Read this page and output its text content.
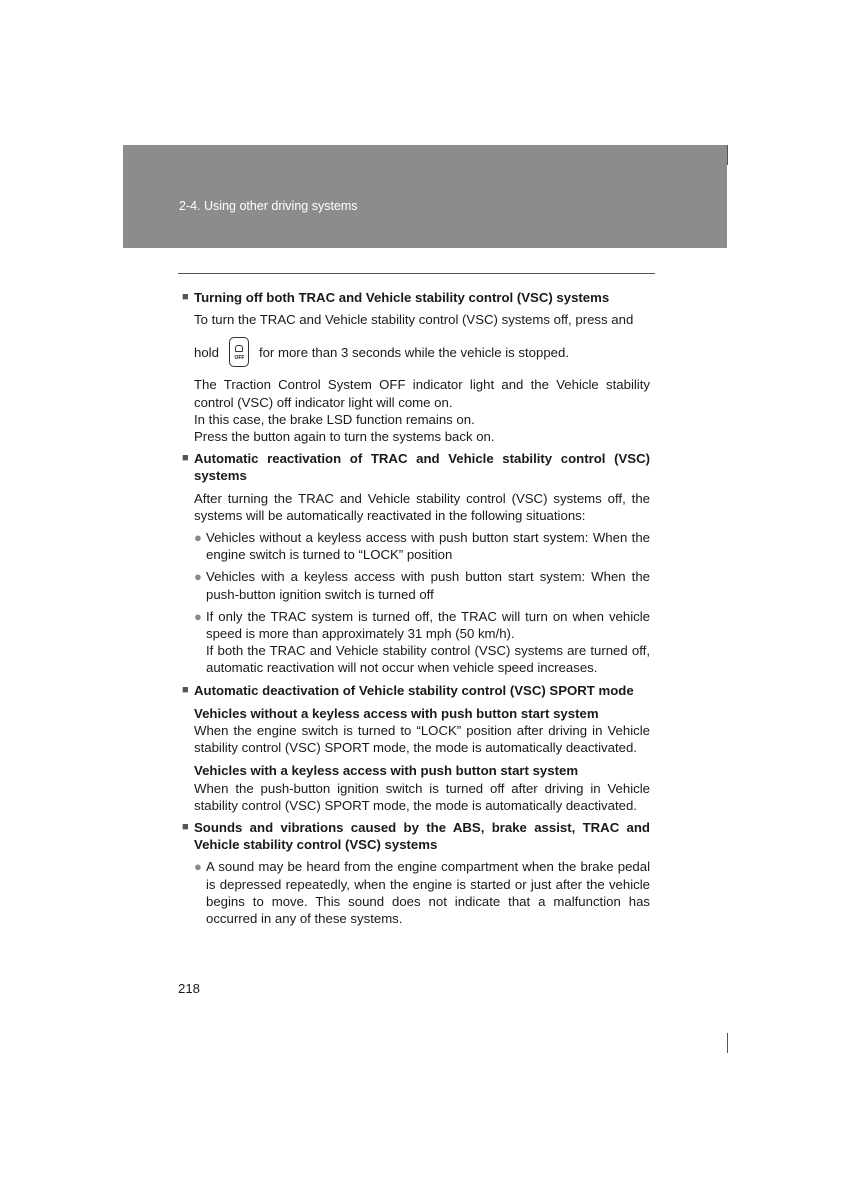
2-4. Using other driving systems
■ Turning off both TRAC and Vehicle stability control (VSC) systems
To turn the TRAC and Vehicle stability control (VSC) systems off, press and
hold	OFF for more than 3 seconds while the vehicle is stopped.
The Traction Control System OFF indicator light and the Vehicle stability control (VSC) off indicator light will come on.
In this case, the brake LSD function remains on.
Press the button again to turn the systems back on.
■ Automatic reactivation of TRAC and Vehicle stability control (VSC) systems
After turning the TRAC and Vehicle stability control (VSC) systems off, the systems will be automatically reactivated in the following situations:
● Vehicles without a keyless access with push button start system: When the engine switch is turned to “LOCK” position
● Vehicles with a keyless access with push button start system: When the push-button ignition switch is turned off
● If only the TRAC system is turned off, the TRAC will turn on when vehicle speed is more than approximately 31 mph (50 km/h).
If both the TRAC and Vehicle stability control (VSC) systems are turned off, automatic reactivation will not occur when vehicle speed increases.
■ Automatic deactivation of Vehicle stability control (VSC) SPORT mode
Vehicles without a keyless access with push button start system
When the engine switch is turned to “LOCK” position after driving in Vehicle stability control (VSC) SPORT mode, the mode is automatically deactivated.
Vehicles with a keyless access with push button start system
When the push-button ignition switch is turned off after driving in Vehicle stability control (VSC) SPORT mode, the mode is automatically deactivated.
■ Sounds and vibrations caused by the ABS, brake assist, TRAC and Vehicle stability control (VSC) systems
● A sound may be heard from the engine compartment when the brake pedal is depressed repeatedly, when the engine is started or just after the vehicle begins to move. This sound does not indicate that a malfunction has occurred in any of these systems.
218
